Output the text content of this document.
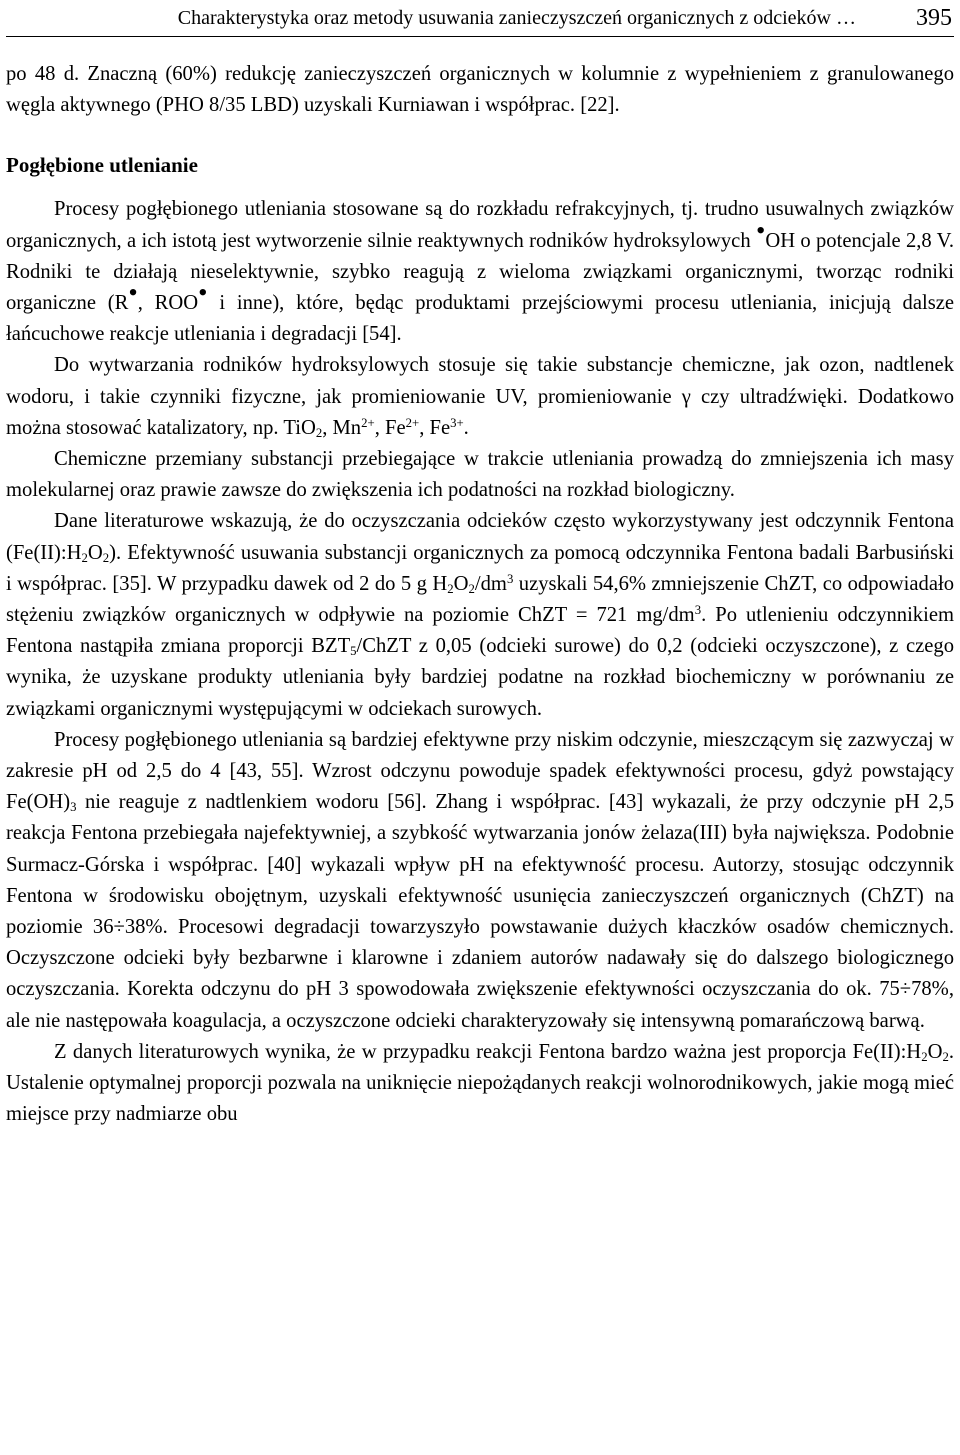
Charakterystyka oraz metody usuwania zanieczyszczeń organicznych z odcieków …	395

po 48 d. Znaczną (60%) redukcję zanieczyszczeń organicznych w kolumnie z wypełnieniem z granulowanego węgla aktywnego (PHO 8/35 LBD) uzyskali Kurniawan i współprac. [22].

Pogłębione utlenianie

Procesy pogłębionego utleniania stosowane są do rozkładu refrakcyjnych, tj. trudno usuwalnych związków organicznych, a ich istotą jest wytworzenie silnie reaktywnych rodników hydroksylowych •OH o potencjale 2,8 V. Rodniki te działają nieselektywnie, szybko reagują z wieloma związkami organicznymi, tworząc rodniki organiczne (R•, ROO• i inne), które, będąc produktami przejściowymi procesu utleniania, inicjują dalsze łańcuchowe reakcje utleniania i degradacji [54].

Do wytwarzania rodników hydroksylowych stosuje się takie substancje chemiczne, jak ozon, nadtlenek wodoru, i takie czynniki fizyczne, jak promieniowanie UV, promieniowanie γ czy ultradźwięki. Dodatkowo można stosować katalizatory, np. TiO$_2$, $Mn^{2+}$, $Fe^{2+}$, $Fe^{3+}$.

Chemiczne przemiany substancji przebiegające w trakcie utleniania prowadzą do zmniejszenia ich masy molekularnej oraz prawie zawsze do zwiększenia ich podatności na rozkład biologiczny.

Dane literaturowe wskazują, że do oczyszczania odcieków często wykorzystywany jest odczynnik Fentona $(Fe(II):H_2O_2)$. Efektywność usuwania substancji organicznych za pomocą odczynnika Fentona badali Barbusiński i współprac. [35]. W przypadku dawek od 2 do 5 g $H_2O_2/dm^3$ uzyskali 54,6% zmniejszenie ChZT, co odpowiadało stężeniu związków organicznych w odpływie na poziomie ChZT = 721 $mg/dm^3$. Po utlenieniu odczynnikiem Fentona nastąpiła zmiana proporcji $BZT_5$/ChZT z 0,05 (odcieki surowe) do 0,2 (odcieki oczyszczone), z czego wynika, że uzyskane produkty utleniania były bardziej podatne na rozkład biochemiczny w porównaniu ze związkami organicznymi występującymi w odciekach surowych.

Procesy pogłębionego utleniania są bardziej efektywne przy niskim odczynie, mieszczącym się zazwyczaj w zakresie pH od 2,5 do 4 [43, 55]. Wzrost odczynu powoduje spadek efektywności procesu, gdyż powstający $Fe(OH)_3$ nie reaguje z nadtlenkiem wodoru [56]. Zhang i współprac. [43] wykazali, że przy odczynie pH 2,5 reakcja Fentona przebiegała najefektywniej, a szybkość wytwarzania jonów żelaza(III) była największa. Podobnie Surmacz-Górska i współprac. [40] wykazali wpływ pH na efektywność procesu. Autorzy, stosując odczynnik Fentona w środowisku obojętnym, uzyskali efektywność usunięcia zanieczyszczeń organicznych (ChZT) na poziomie 36÷38%. Procesowi degradacji towarzyszyło powstawanie dużych kłaczków osadów chemicznych. Oczyszczone odcieki były bezbarwne i klarowne i zdaniem autorów nadawały się do dalszego biologicznego oczyszczania. Korekta odczynu do pH 3 spowodowała zwiększenie efektywności oczyszczania do ok. 75÷78%, ale nie następowała koagulacja, a oczyszczone odcieki charakteryzowały się intensywną pomarańczową barwą.

Z danych literaturowych wynika, że w przypadku reakcji Fentona bardzo ważna jest proporcja $Fe(II):H_2O_2$. Ustalenie optymalnej proporcji pozwala na uniknięcie niepożądanych reakcji wolnorodnikowych, jakie mogą mieć miejsce przy nadmiarze obu
